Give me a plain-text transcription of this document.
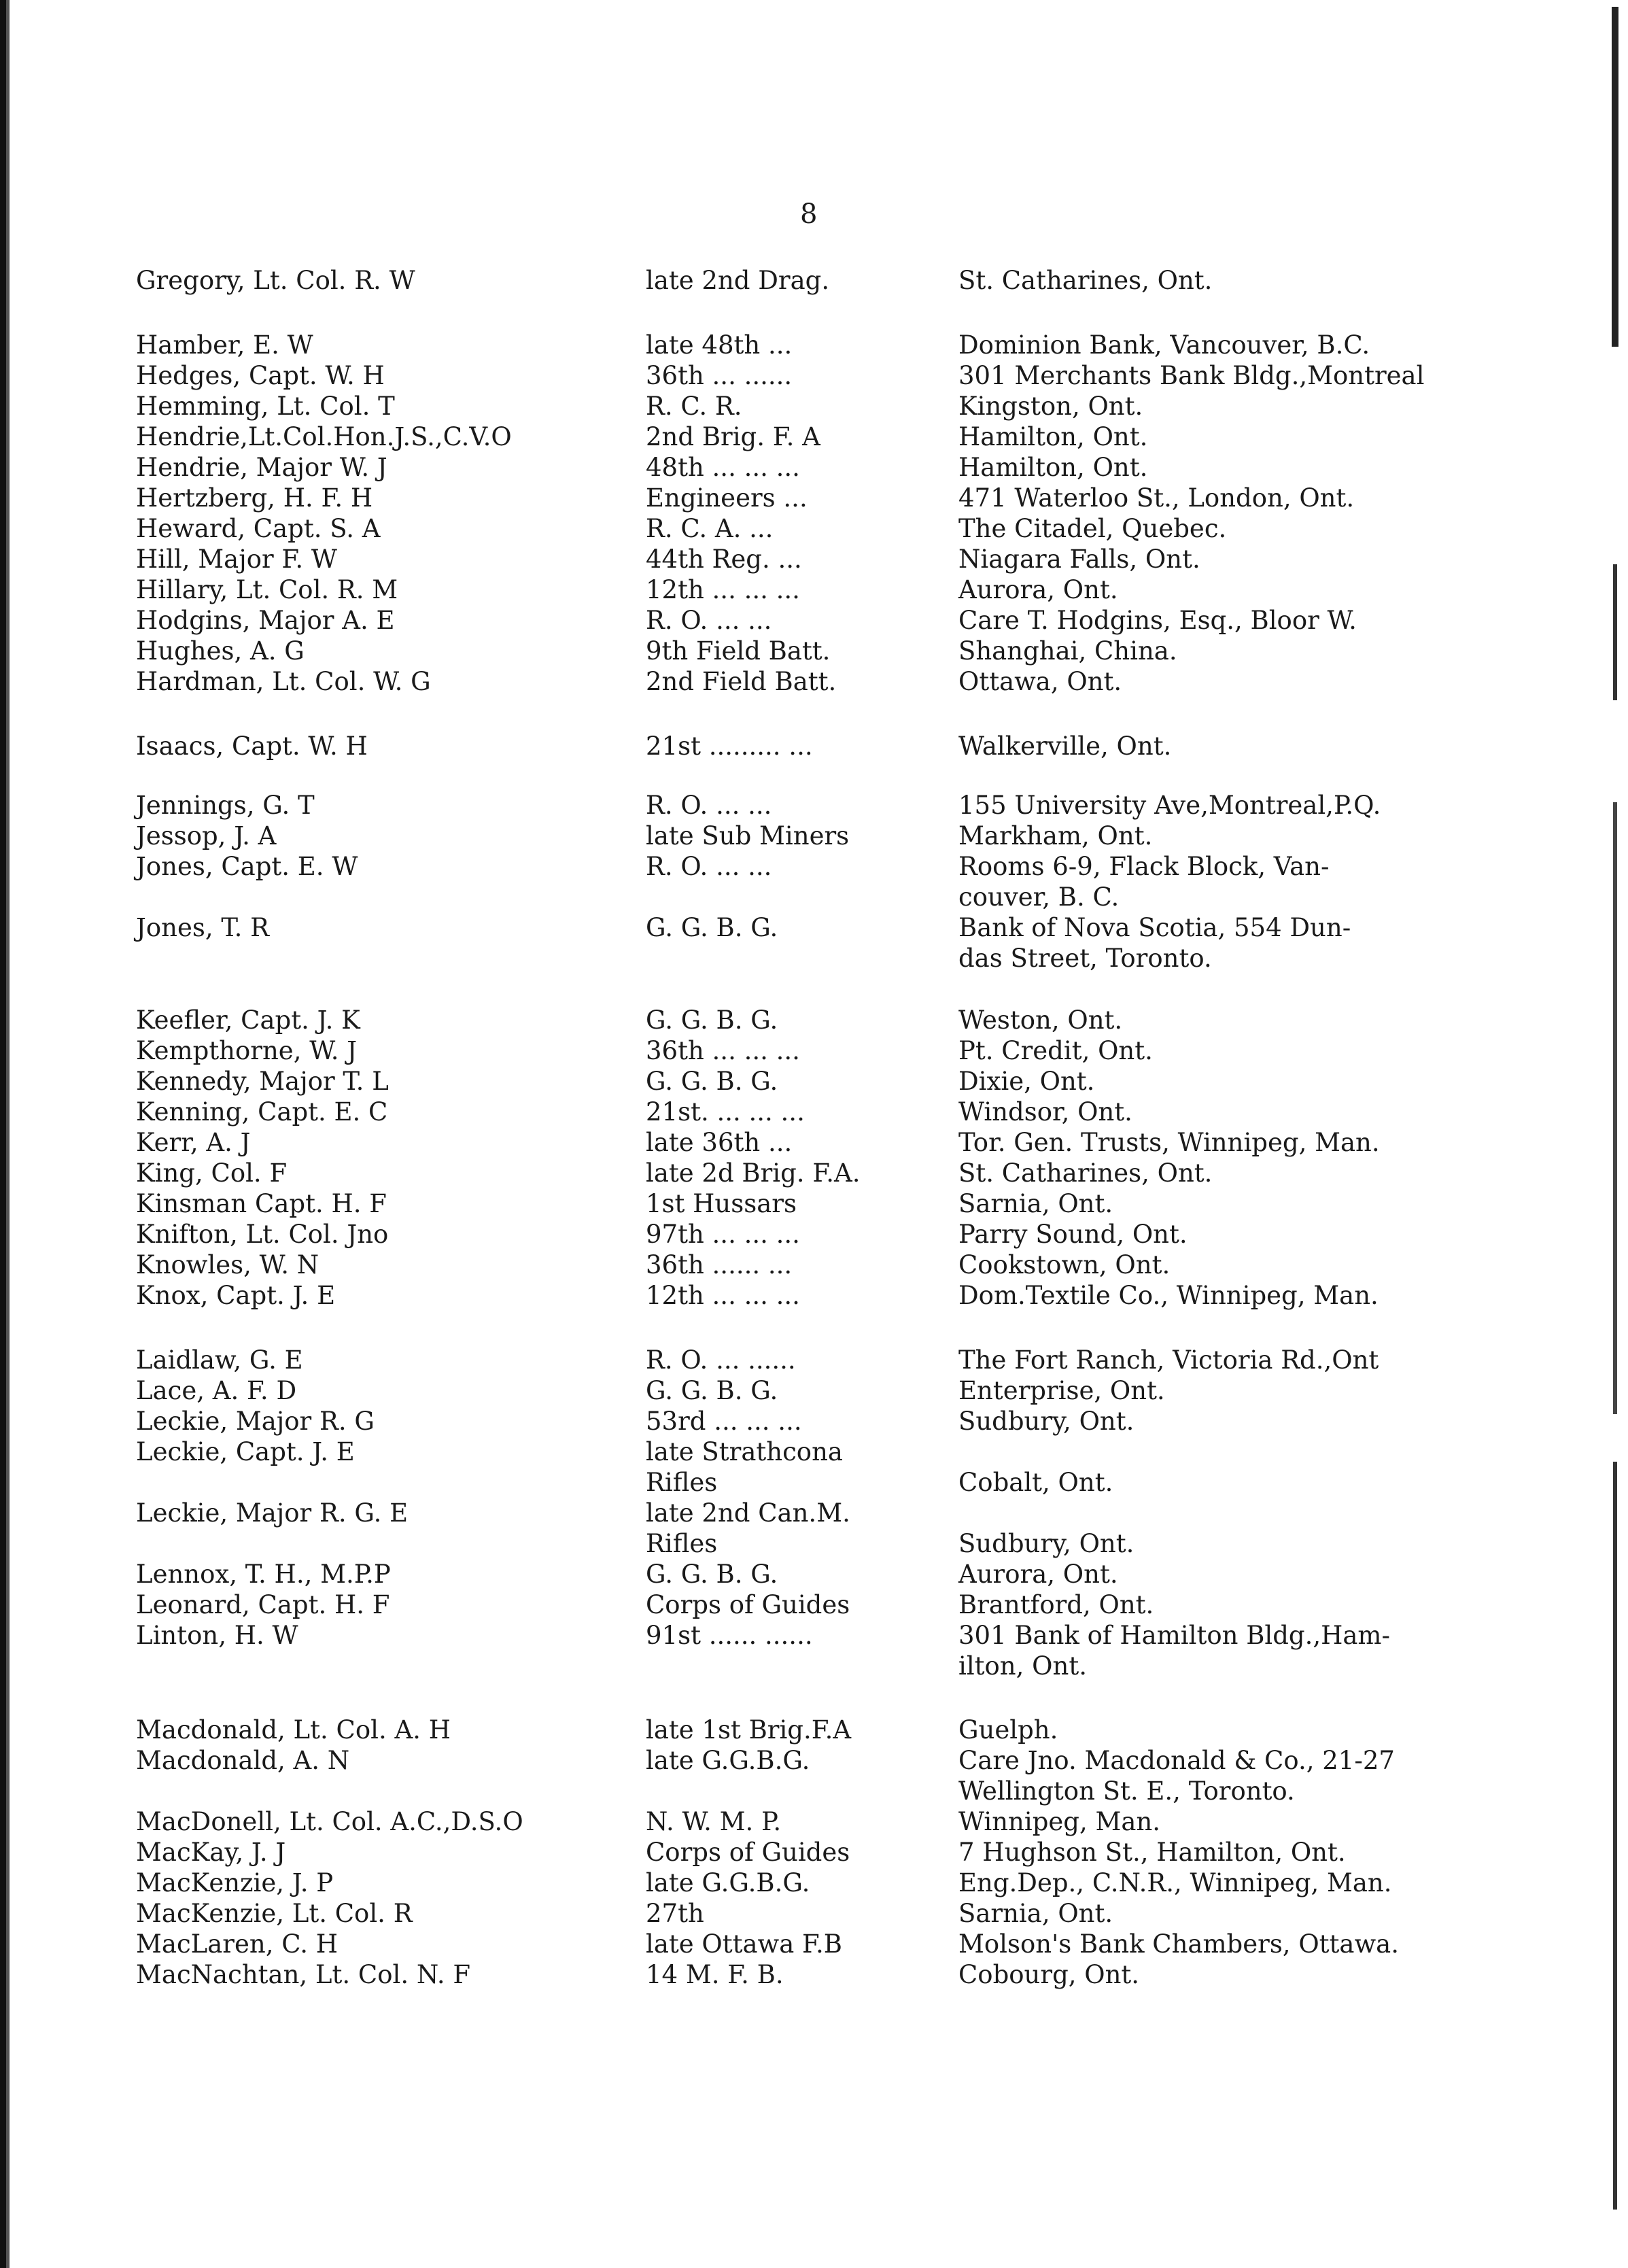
8
Gregory, Lt. Col. R. W	late 2nd Drag.	St. Catharines, Ont.
Hamber, E. W	late 48th ...	Dominion Bank, Vancouver, B.C.
Hedges, Capt. W. H	36th ... ......	301 Merchants Bank Bldg.,Montreal
Hemming, Lt. Col. T	R. C. R.	Kingston, Ont.
Hendrie,Lt.Col.Hon.J.S.,C.V.O	2nd Brig. F. A	Hamilton, Ont.
Hendrie, Major W. J	48th ... ... ...	Hamilton, Ont.
Hertzberg, H. F. H	Engineers ...	471 Waterloo St., London, Ont.
Heward, Capt. S. A	R. C. A. ...	The Citadel, Quebec.
Hill, Major F. W	44th Reg. ...	Niagara Falls, Ont.
Hillary, Lt. Col. R. M	12th ... ... ...	Aurora, Ont.
Hodgins, Major A. E	R. O. ... ...	Care T. Hodgins, Esq., Bloor W.
Hughes, A. G	9th Field Batt.	Shanghai, China.
Hardman, Lt. Col. W. G	2nd Field Batt.	Ottawa, Ont.
Isaacs, Capt. W. H	21st ......... ...	Walkerville, Ont.
Jennings, G. T	R. O. ... ...	155 University Ave,Montreal,P.Q.
Jessop, J. A	late Sub Miners	Markham, Ont.
Jones, Capt. E. W	R. O. ... ...	Rooms 6-9, Flack Block, Van-
couver, B. C.
Jones, T. R	G. G. B. G.	Bank of Nova Scotia, 554 Dun-
das Street, Toronto.
Keefler, Capt. J. K	G. G. B. G.	Weston, Ont.
Kempthorne, W. J	36th ... ... ...	Pt. Credit, Ont.
Kennedy, Major T. L	G. G. B. G.	Dixie, Ont.
Kenning, Capt. E. C	21st. ... ... ...	Windsor, Ont.
Kerr, A. J	late 36th ...	Tor. Gen. Trusts, Winnipeg, Man.
King, Col. F	late 2d Brig. F.A.	St. Catharines, Ont.
Kinsman Capt. H. F	1st Hussars	Sarnia, Ont.
Knifton, Lt. Col. Jno	97th ... ... ...	Parry Sound, Ont.
Knowles, W. N	36th ...... ...	Cookstown, Ont.
Knox, Capt. J. E	12th ... ... ...	Dom.Textile Co., Winnipeg, Man.
Laidlaw, G. E	R. O. ... ......	The Fort Ranch, Victoria Rd.,Ont
Lace, A. F. D	G. G. B. G.	Enterprise, Ont.
Leckie, Major R. G	53rd ... ... ...	Sudbury, Ont.
Leckie, Capt. J. E	late Strathcona
Rifles	Cobalt, Ont.
Leckie, Major R. G. E	late 2nd Can.M.
Rifles	Sudbury, Ont.
Lennox, T. H., M.P.P	G. G. B. G.	Aurora, Ont.
Leonard, Capt. H. F	Corps of Guides	Brantford, Ont.
Linton, H. W	91st ...... ......	301 Bank of Hamilton Bldg.,Ham-
ilton, Ont.
Macdonald, Lt. Col. A. H	late 1st Brig.F.A	Guelph.
Macdonald, A. N	late G.G.B.G.	Care Jno. Macdonald & Co., 21-27
Wellington St. E., Toronto.
MacDonell, Lt. Col. A.C.,D.S.O	N. W. M. P.	Winnipeg, Man.
MacKay, J. J	Corps of Guides	7 Hughson St., Hamilton, Ont.
MacKenzie, J. P	late G.G.B.G.	Eng.Dep., C.N.R., Winnipeg, Man.
MacKenzie, Lt. Col. R	27th	Sarnia, Ont.
MacLaren, C. H	late Ottawa F.B	Molson's Bank Chambers, Ottawa.
MacNachtan, Lt. Col. N. F	14 M. F. B.	Cobourg, Ont.
